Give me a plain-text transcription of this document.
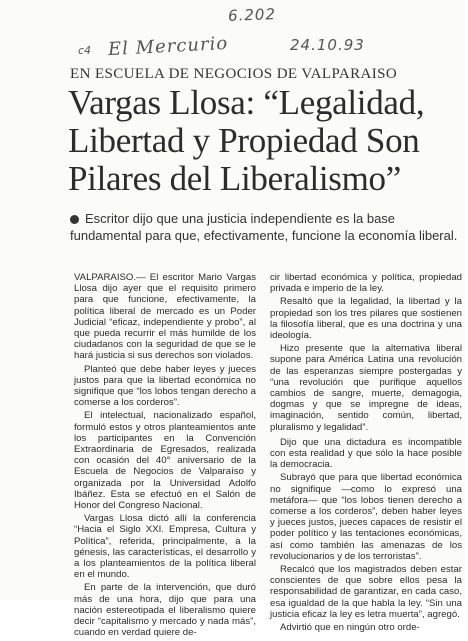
6.202
c4 El Mercurio	24.10.93
EN ESCUELA DE NEGOCIOS DE VALPARAISO
Vargas Llosa: “Legalidad,
Libertad y Propiedad Son
Pilares del Liberalismo”
Escritor dijo que una justicia independiente es la base fundamental para que, efectivamente, funcione la economía liberal.

VALPARAISO.— El escritor Mario Vargas Llosa dijo ayer que el requisito primero para que funcione, efectivamente, la política liberal de mercado es un Poder Judicial “eficaz, independiente y probo”, al que pueda recurrir el más humilde de los ciudadanos con la seguridad de que se le hará justicia si sus derechos son violados.

Planteó que debe haber leyes y jueces justos para que la libertad económica no signifique que “los lobos tengan derecho a comerse a los corderos”.

El intelectual, nacionalizado español, formuló estos y otros planteamientos ante los participantes en la Convención Extraordinaria de Egresados, realizada con ocasión del 40° aniversario de la Escuela de Negocios de Valparaíso y organizada por la Universidad Adolfo Ibáñez. Esta se efectuó en el Salón de Honor del Congreso Nacional.

Vargas Llosa dictó allí la conferencia “Hacia el Siglo XXI. Empresa, Cultura y Política”, referida, principalmente, a la génesis, las características, el desarrollo y a los planteamientos de la política liberal en el mundo.

En parte de la intervención, que duró más de una hora, dijo que para una nación estereotipada el liberalismo quiere decir “capitalismo y mercado y nada más”, cuando en verdad quiere de-

cir libertad económica y política, propiedad privada e imperio de la ley.

Resaltó que la legalidad, la libertad y la propiedad son los tres pilares que sostienen la filosofía liberal, que es una doctrina y una ideología.

Hizo presente que la alternativa liberal supone para América Latina una revolución de las esperanzas siempre postergadas y “una revolución que purifique aquellos cambios de sangre, muerte, demagogia, dogmas y que se impregne de ideas, imaginación, sentido común, libertad, pluralismo y legalidad”.

Dijo que una dictadura es incompatible con esta realidad y que sólo la hace posible la democracia.

Subrayó que para que libertad económica no signifique —como lo expresó una metáfora— que “los lobos tienen derecho a comerse a los corderos”, deben haber leyes y jueces justos, jueces capaces de resistir el poder político y las tentaciones económicas, así como también las amenazas de los revolucionarios y de los terroristas”.

Recalcó que los magistrados deben estar conscientes de que sobre ellos pesa la responsabilidad de garantizar, en cada caso, esa igualdad de la que habla la ley. “Sin una justicia eficaz la ley es letra muerta”, agregó.

Advirtió que en ningún otro orde-
